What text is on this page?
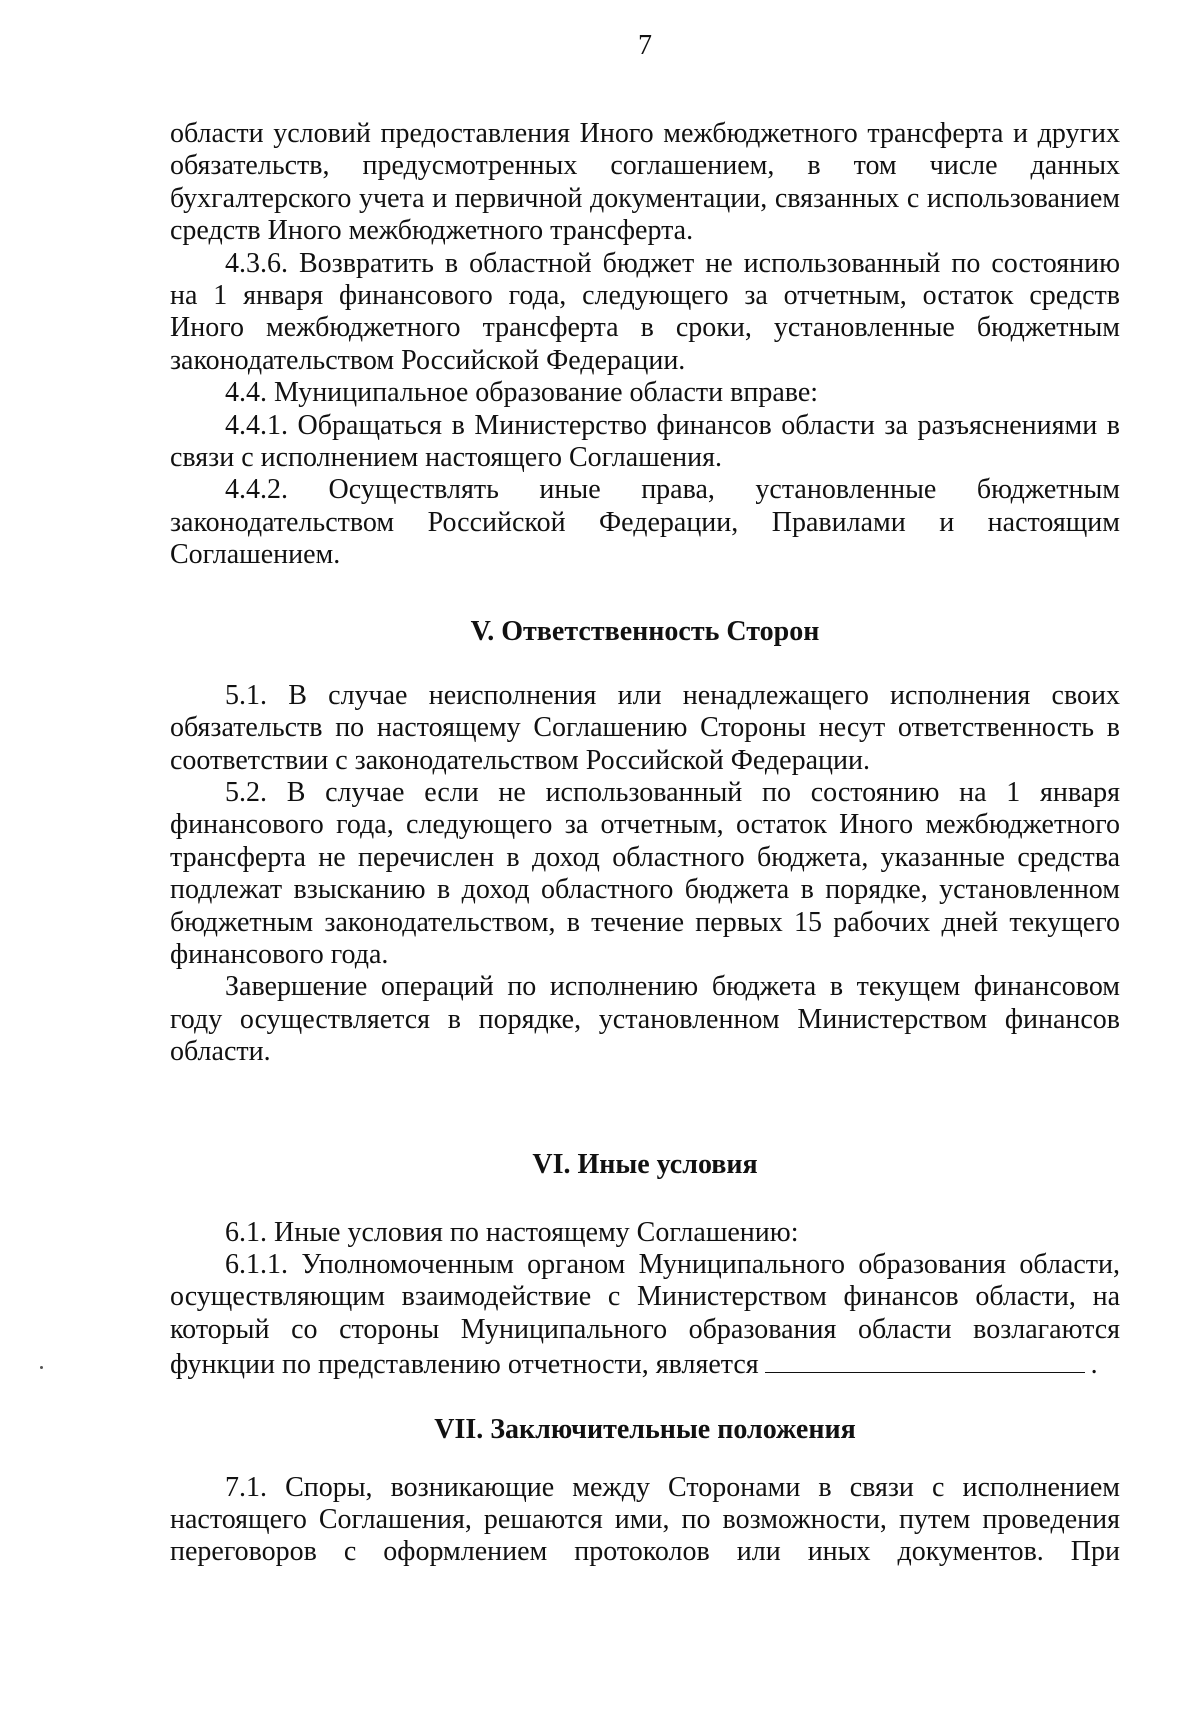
7

области условий предоставления Иного межбюджетного трансферта и других обязательств, предусмотренных соглашением, в том числе данных бухгалтерского учета и первичной документации, связанных с использованием средств Иного межбюджетного трансферта.

4.3.6. Возвратить в областной бюджет не использованный по состоянию на 1 января финансового года, следующего за отчетным, остаток средств Иного межбюджетного трансферта в сроки, установленные бюджетным законодательством Российской Федерации.

4.4. Муниципальное образование области вправе:

4.4.1. Обращаться в Министерство финансов области за разъяснениями в связи с исполнением настоящего Соглашения.

4.4.2. Осуществлять иные права, установленные бюджетным законодательством Российской Федерации, Правилами и настоящим Соглашением.

V. Ответственность Сторон

5.1. В случае неисполнения или ненадлежащего исполнения своих обязательств по настоящему Соглашению Стороны несут ответственность в соответствии с законодательством Российской Федерации.

5.2. В случае если не использованный по состоянию на 1 января финансового года, следующего за отчетным, остаток Иного межбюджетного трансферта не перечислен в доход областного бюджета, указанные средства подлежат взысканию в доход областного бюджета в порядке, установленном бюджетным законодательством, в течение первых 15 рабочих дней текущего финансового года.

Завершение операций по исполнению бюджета в текущем финансовом году осуществляется в порядке, установленном Министерством финансов области.

VI. Иные условия

6.1. Иные условия по настоящему Соглашению:

6.1.1. Уполномоченным органом Муниципального образования области, осуществляющим взаимодействие с Министерством финансов области, на который со стороны Муниципального образования области возлагаются функции по представлению отчетности, является	.

VII. Заключительные положения

7.1. Споры, возникающие между Сторонами в связи с исполнением настоящего Соглашения, решаются ими, по возможности, путем проведения переговоров с оформлением протоколов или иных документов. При
